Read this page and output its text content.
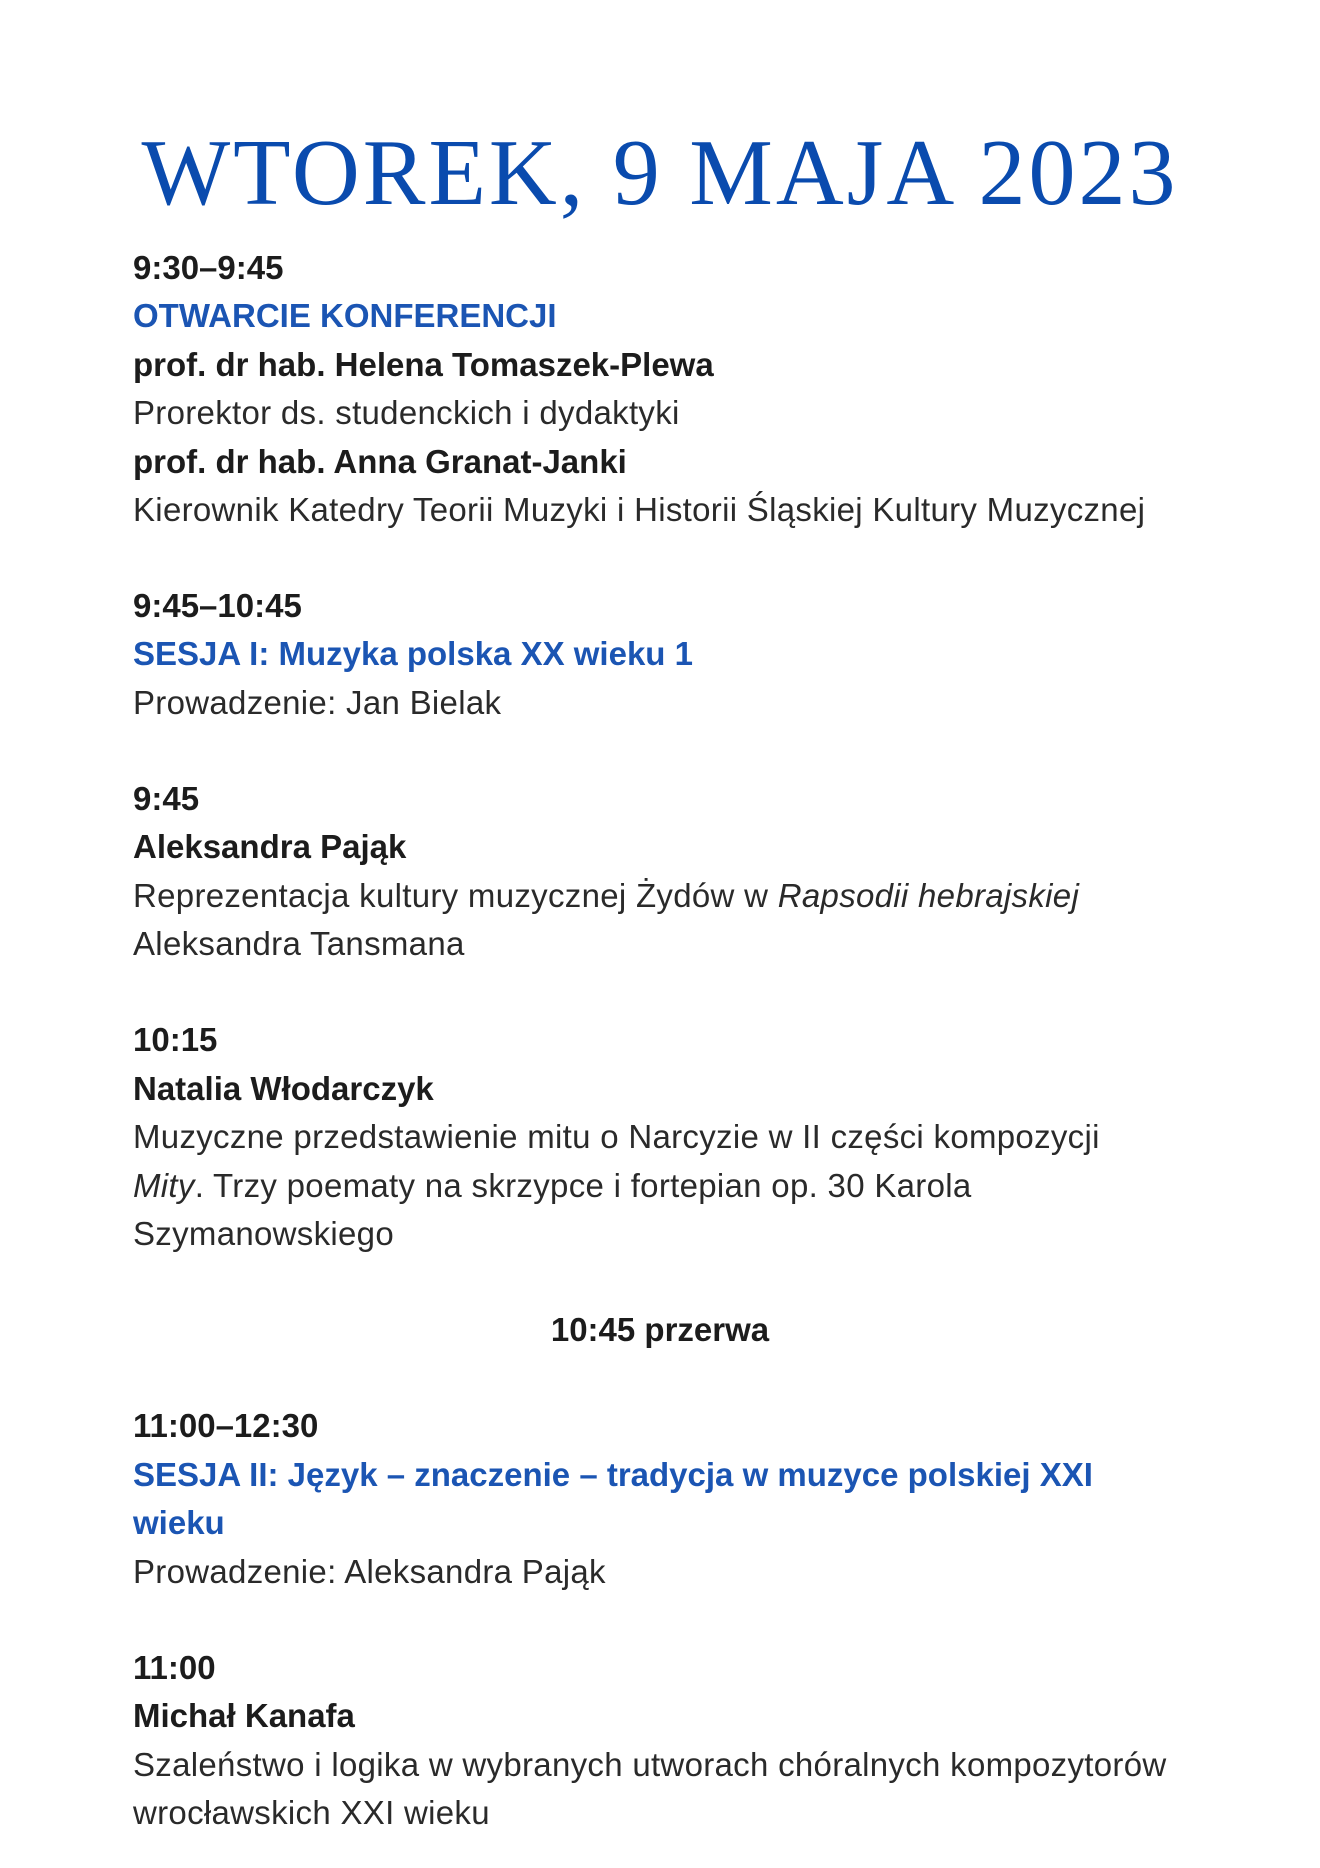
WTOREK, 9 MAJA 2023

9:30–9:45

OTWARCIE KONFERENCJI

prof. dr hab. Helena Tomaszek-Plewa

Prorektor ds. studenckich i dydaktyki

prof. dr hab. Anna Granat-Janki

Kierownik Katedry Teorii Muzyki i Historii Śląskiej Kultury Muzycznej

9:45–10:45

SESJA I: Muzyka polska XX wieku 1

Prowadzenie: Jan Bielak

9:45

Aleksandra Pająk

Reprezentacja kultury muzycznej Żydów w Rapsodii hebrajskiej

Aleksandra Tansmana

10:15

Natalia Włodarczyk

Muzyczne przedstawienie mitu o Narcyzie w II części kompozycji

Mity. Trzy poematy na skrzypce i fortepian op. 30 Karola

Szymanowskiego

10:45 przerwa

11:00–12:30

SESJA II: Język – znaczenie – tradycja w muzyce polskiej XXI

wieku

Prowadzenie: Aleksandra Pająk

11:00

Michał Kanafa

Szaleństwo i logika w wybranych utworach chóralnych kompozytorów

wrocławskich XXI wieku
